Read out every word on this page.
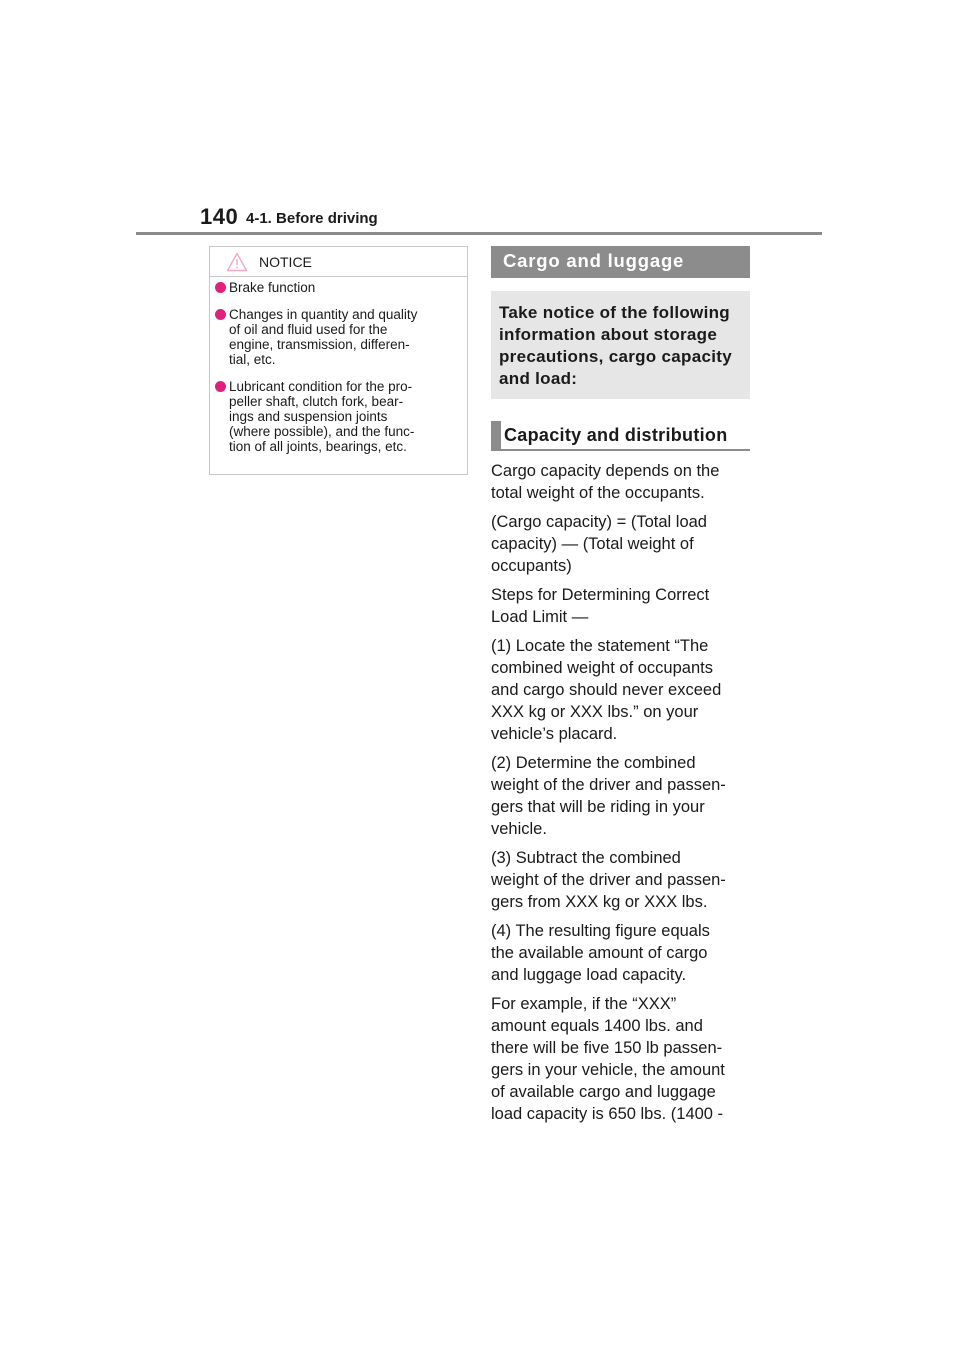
140 4-1. Before driving
NOTICE
Brake function
Changes in quantity and quality
of oil and fluid used for the
engine, transmission, differen-
tial, etc.
Lubricant condition for the pro-
peller shaft, clutch fork, bear-
ings and suspension joints
(where possible), and the func-
tion of all joints, bearings, etc.
Cargo and luggage
Take notice of the following
information about storage
precautions, cargo capacity
and load:
Capacity and distribution

Cargo capacity depends on the
total weight of the occupants.

(Cargo capacity) = (Total load
capacity) — (Total weight of
occupants)

Steps for Determining Correct
Load Limit —

(1) Locate the statement “The
combined weight of occupants
and cargo should never exceed
XXX kg or XXX lbs.” on your
vehicle’s placard.

(2) Determine the combined
weight of the driver and passen-
gers that will be riding in your
vehicle.

(3) Subtract the combined
weight of the driver and passen-
gers from XXX kg or XXX lbs.

(4) The resulting figure equals
the available amount of cargo
and luggage load capacity.

For example, if the “XXX”
amount equals 1400 lbs. and
there will be five 150 lb passen-
gers in your vehicle, the amount
of available cargo and luggage
load capacity is 650 lbs. (1400 -
